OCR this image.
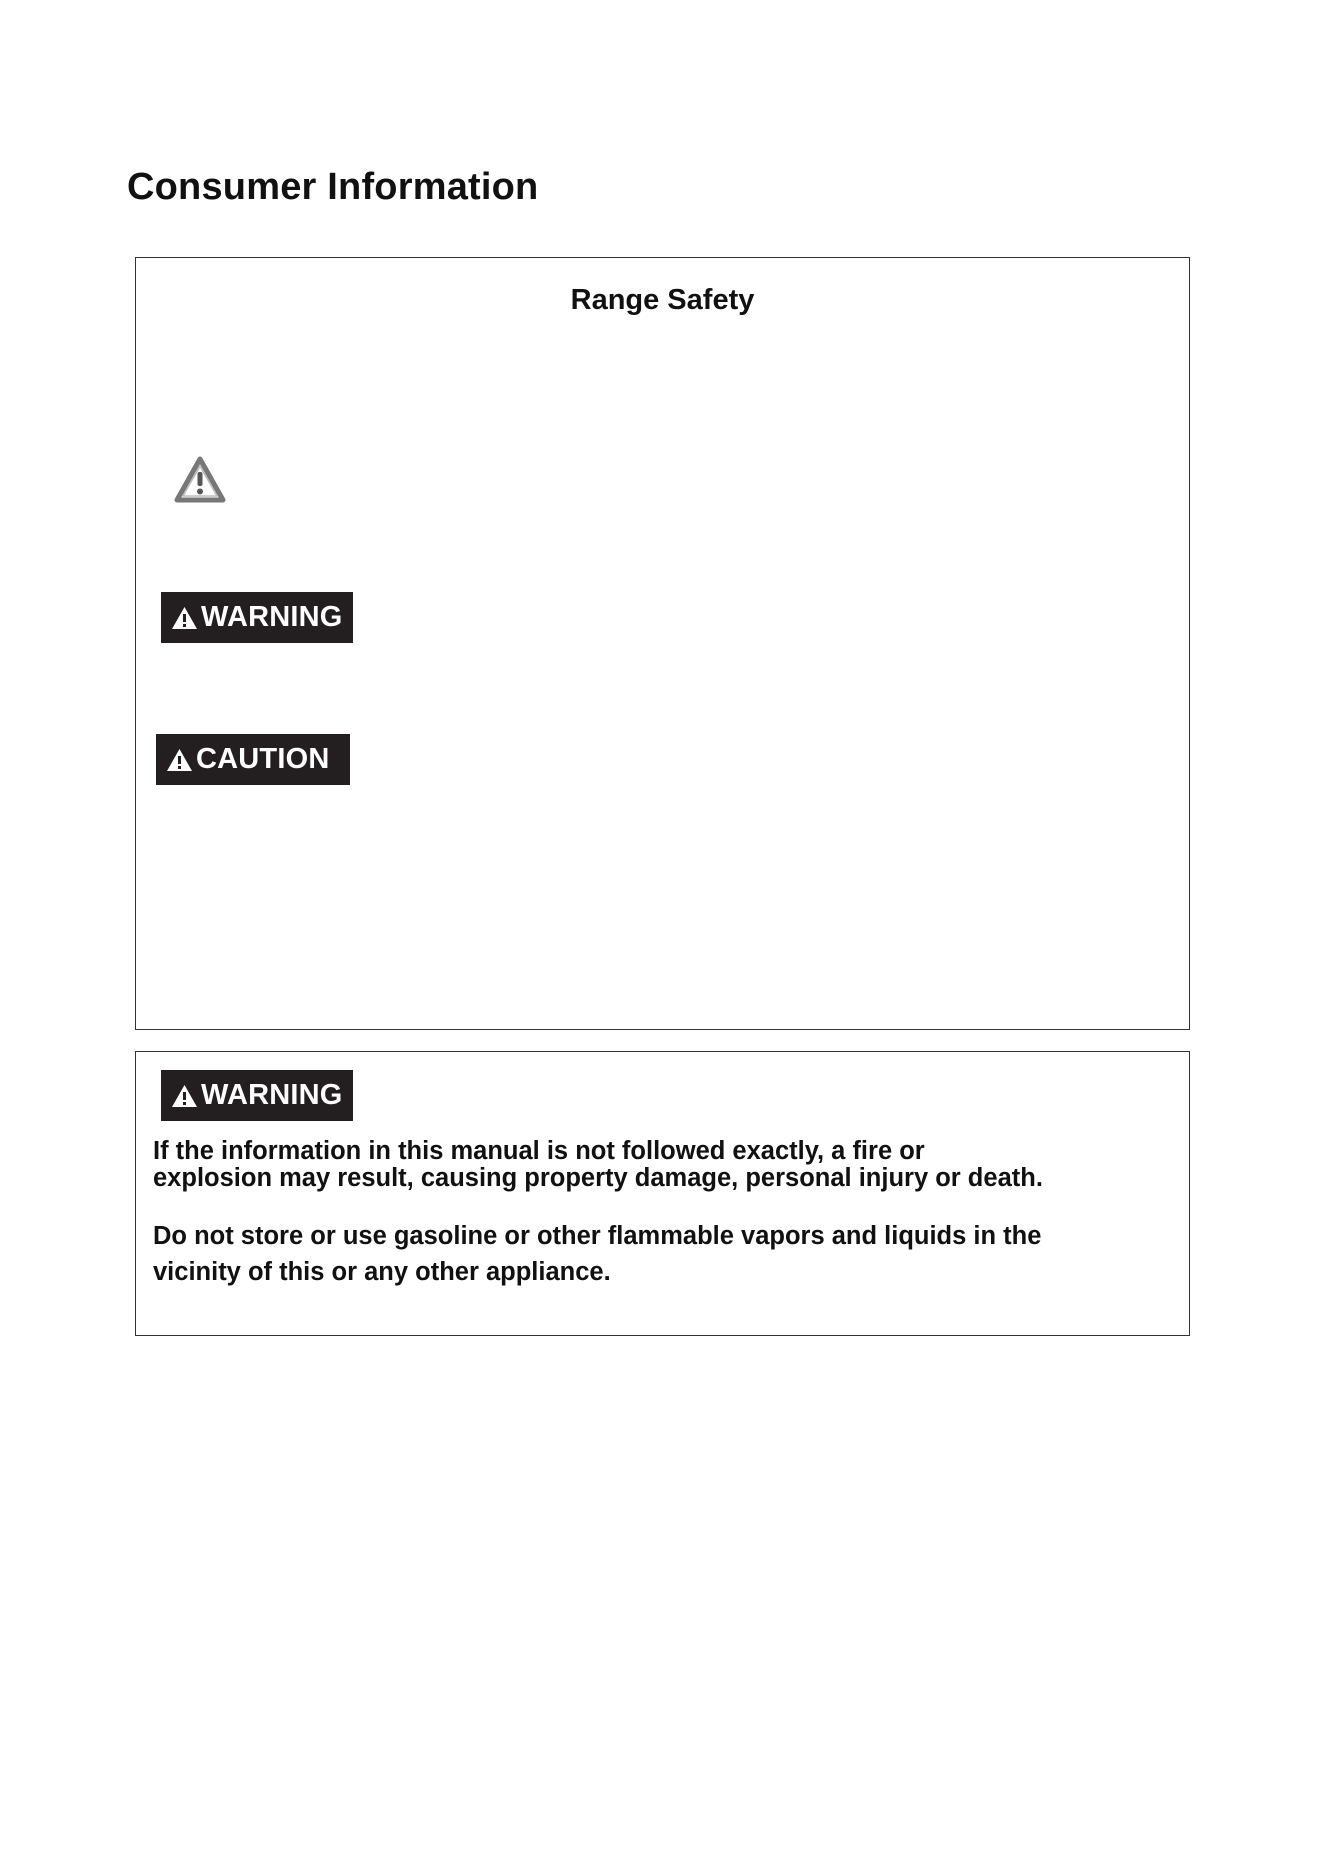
Consumer Information
Range Safety
WARNING
CAUTION
WARNING

If the information in this manual is not followed exactly, a fire or
explosion may result, causing property damage, personal injury or death.

Do not store or use gasoline or other flammable vapors and liquids in the
vicinity of this or any other appliance.
